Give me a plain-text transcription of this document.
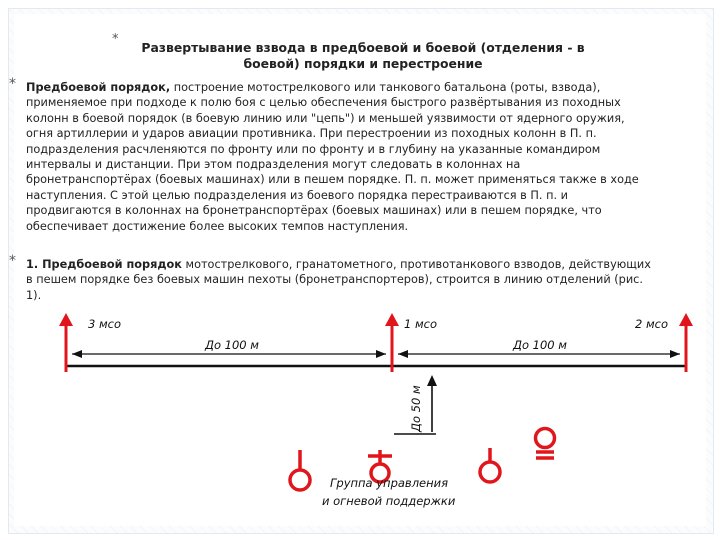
*
Развертывание взвода в предбоевой и боевой (отделения - в
боевой) порядки и перестроение
* Предбоевой порядок, построение мотострелкового или танкового батальона (роты, взвода),
применяемое при подходе к полю боя с целью обеспечения быстрого развёртывания из походных
колонн в боевой порядок (в боевую линию или "цепь") и меньшей уязвимости от ядерного оружия,
огня артиллерии и ударов авиации противника. При перестроении из походных колонн в П. п.
подразделения расчленяются по фронту или по фронту и в глубину на указанные командиром
интервалы и дистанции. При этом подразделения могут следовать в колоннах на
бронетранспортёрах (боевых машинах) или в пешем порядке. П. п. может применяться также в ходе
наступления. С этой целью подразделения из боевого порядка перестраиваются в П. п. и
продвигаются в колоннах на бронетранспортёрах (боевых машинах) или в пешем порядке, что
обеспечивает достижение более высоких темпов наступления.
* 1. Предбоевой порядок мотострелкового, гранатометного, противотанкового взводов, действующих
в пешем порядке без боевых машин пехоты (бронетранспортеров), строится в линию отделений (рис.
1).
3 мсо	1 мсо	2 мсо
До 100 м	До 100 м
До 50 м
Группа управления
и огневой поддержки
